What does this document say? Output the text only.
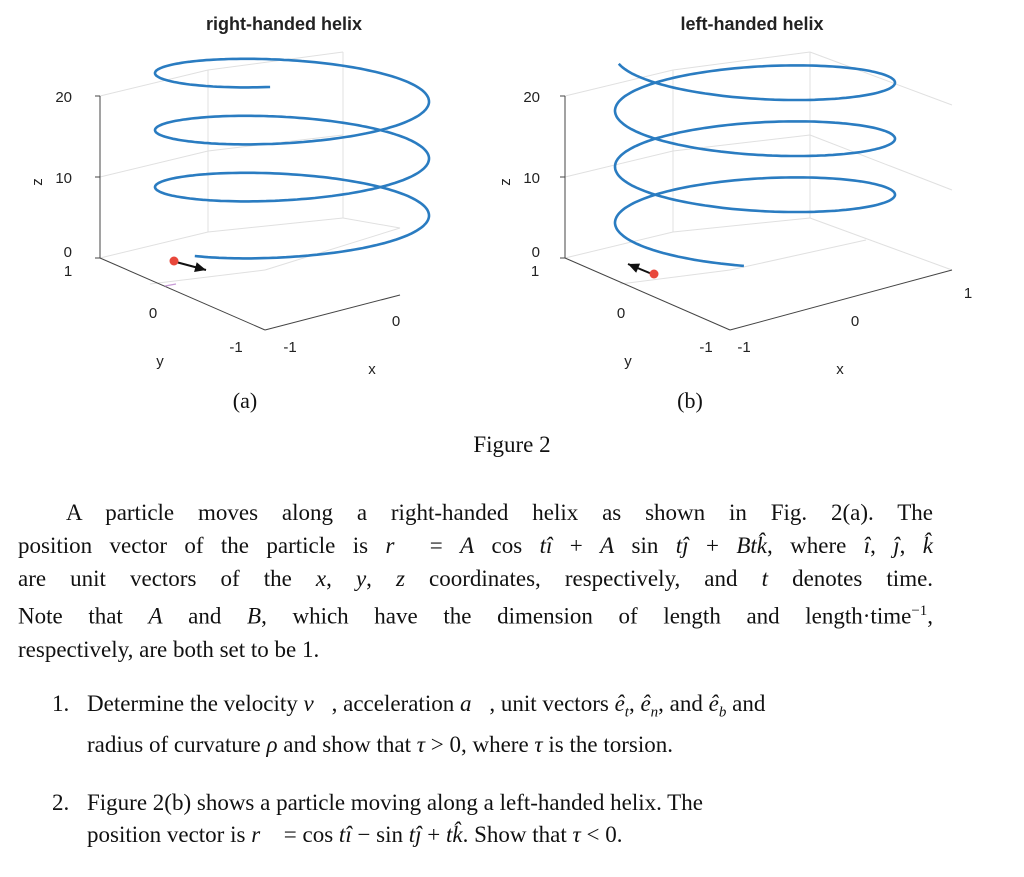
right-handed helix
20
10
0
z
1
0
-1
y
-1
0
x
left-handed helix
20
10
0
z
1
0
-1
y
-1
0
1
x
(a)	(b)
Figure 2
A particle moves along a right-handed helix as shown in Fig. 2(a). The
position vector of the particle is r⃗ = A cos tî + A sin tĵ + Btk̂, where î, ĵ, k̂
are unit vectors of the x, y, z coordinates, respectively, and t denotes time.
Note that A and B, which have the dimension of length and length·time$^{-1}$,
respectively, are both set to be 1.
1. Determine the velocity v⃗, acceleration a⃗, unit vectors $ê_t$, $ê_n$, and $ê_b$ and
radius of curvature ρ and show that τ > 0, where τ is the torsion.
2. Figure 2(b) shows a particle moving along a left-handed helix. The
position vector is r⃗ = cos tî − sin tĵ + tk̂. Show that τ < 0.
